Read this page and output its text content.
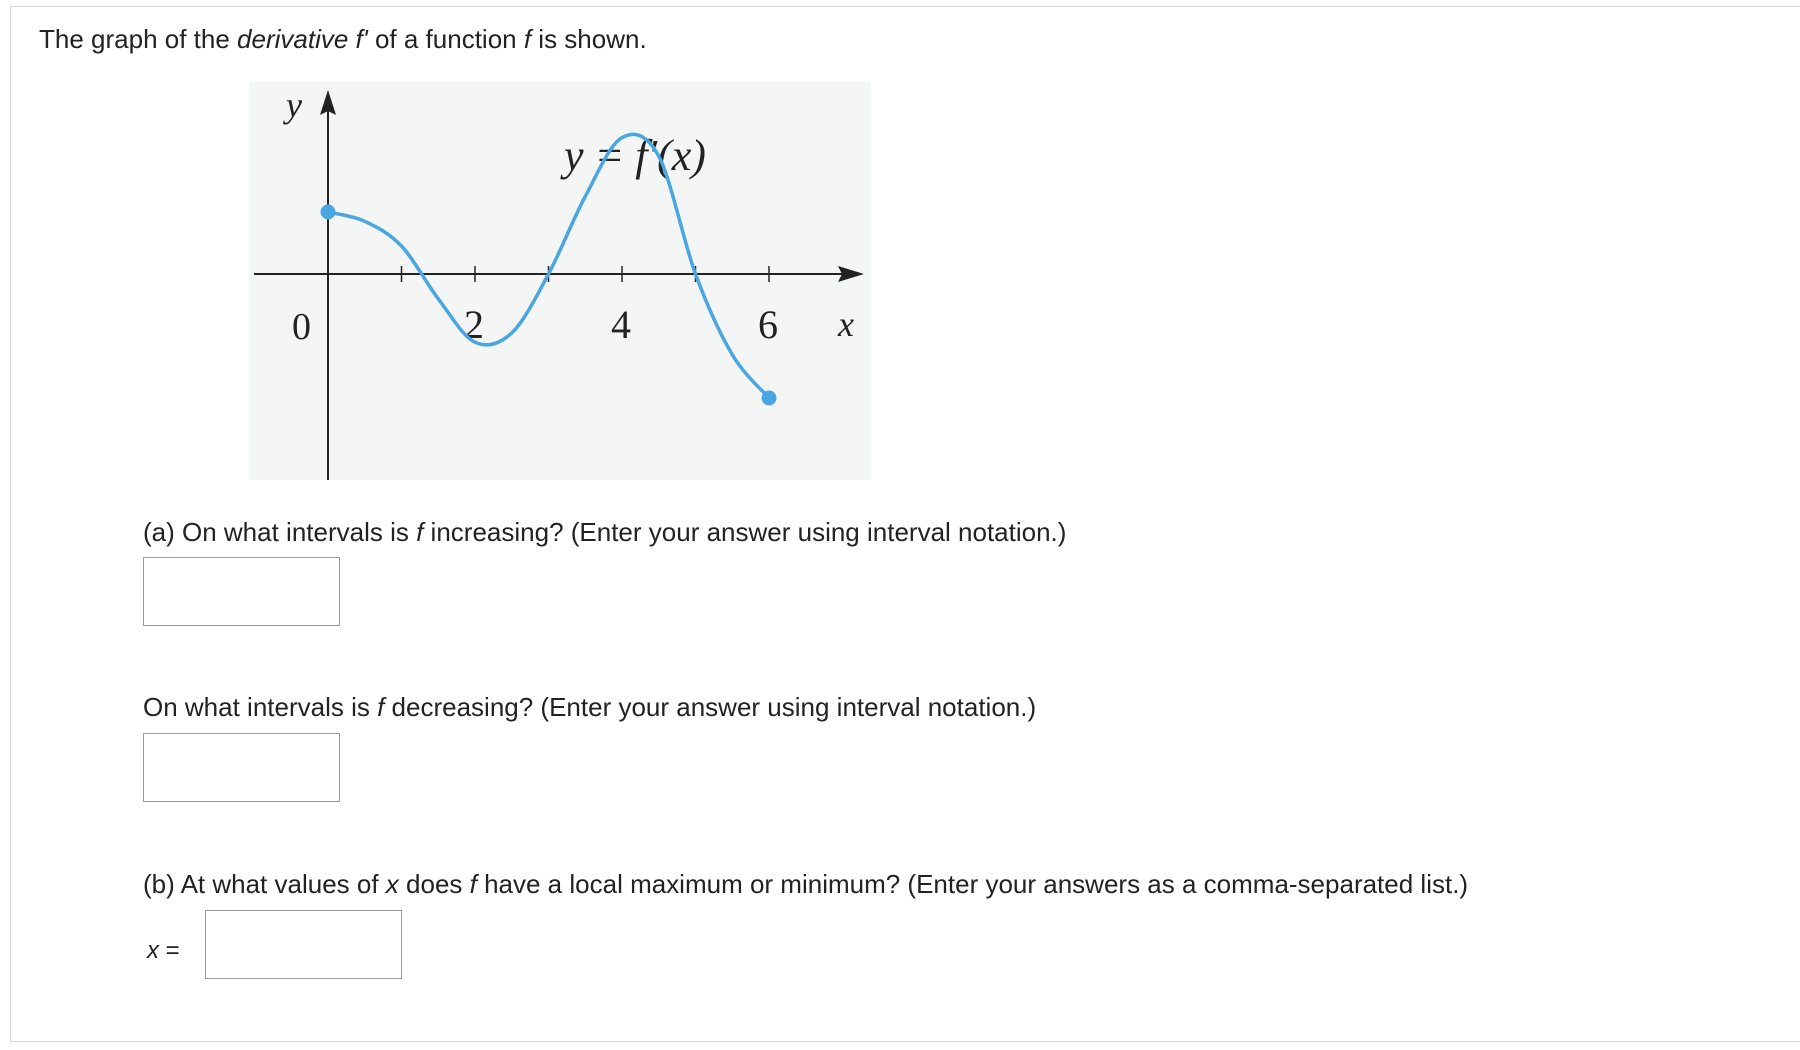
The graph of the derivative f' of a function f is shown.
y
x
0
y = f′(x)
2	4	6
(a) On what intervals is f increasing? (Enter your answer using interval notation.)
On what intervals is f decreasing? (Enter your answer using interval notation.)
(b) At what values of x does f have a local maximum or minimum? (Enter your answers as a comma-separated list.)
x =
